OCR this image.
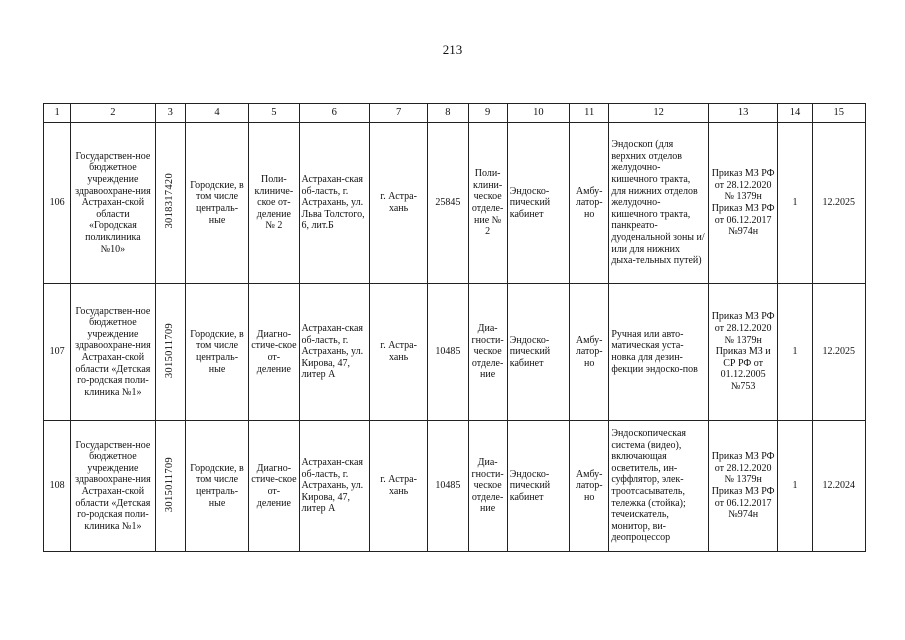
213
1	2	3	4	5	6	7	8	9	10	11	12	13	14	15
106	Государствен-ное бюджетное учреждение здравоохране-ния Астрахан-ской области «Городская поликлиника №10»	3018317420	Городские, в том числе централь-ные	Поли-клиниче-ское от-деление № 2	Астрахан-ская об-ласть, г. Астрахань, ул. Льва Толстого, 6, лит.Б	г. Астра-хань	25845	Поли-клини-ческое отделе-ние № 2	Эндоско-пический кабинет	Амбу-латор-но	Эндоскоп (для верхних отделов желудочно-кишечного тракта, для нижних отделов желудочно-кишечного тракта, панкреато-дуоденальной зоны и/или для нижних дыха-тельных путей)	Приказ МЗ РФ от 28.12.2020 № 1379н Приказ МЗ РФ от 06.12.2017 №974н	1	12.2025
107	Государствен-ное бюджетное учреждение здравоохране-ния Астрахан-ской области «Детская го-родская поли-клиника №1»	3015011709	Городские, в том числе централь-ные	Диагно-стиче-ское от-деление	Астрахан-ская об-ласть, г. Астрахань, ул. Кирова, 47, литер А	г. Астра-хань	10485	Диа-гности-ческое отделе-ние	Эндоско-пический кабинет	Амбу-латор-но	Ручная или авто-матическая уста-новка для дезин-фекции эндоско-пов	Приказ МЗ РФ от 28.12.2020 № 1379н Приказ МЗ и СР РФ от 01.12.2005 №753	1	12.2025
108	Государствен-ное бюджетное учреждение здравоохране-ния Астрахан-ской области «Детская го-родская поли-клиника №1»	3015011709	Городские, в том числе централь-ные	Диагно-стиче-ское от-деление	Астрахан-ская об-ласть, г. Астрахань, ул. Кирова, 47, литер А	г. Астра-хань	10485	Диа-гности-ческое отделе-ние	Эндоско-пический кабинет	Амбу-латор-но	Эндоскопическая система (видео), включающая осветитель, ин-суффлятор, элек-троотсасыватель, тележка (стойка); течеискатель, монитор, ви-деопроцессор	Приказ МЗ РФ от 28.12.2020 № 1379н Приказ МЗ РФ от 06.12.2017 №974н	1	12.2024
